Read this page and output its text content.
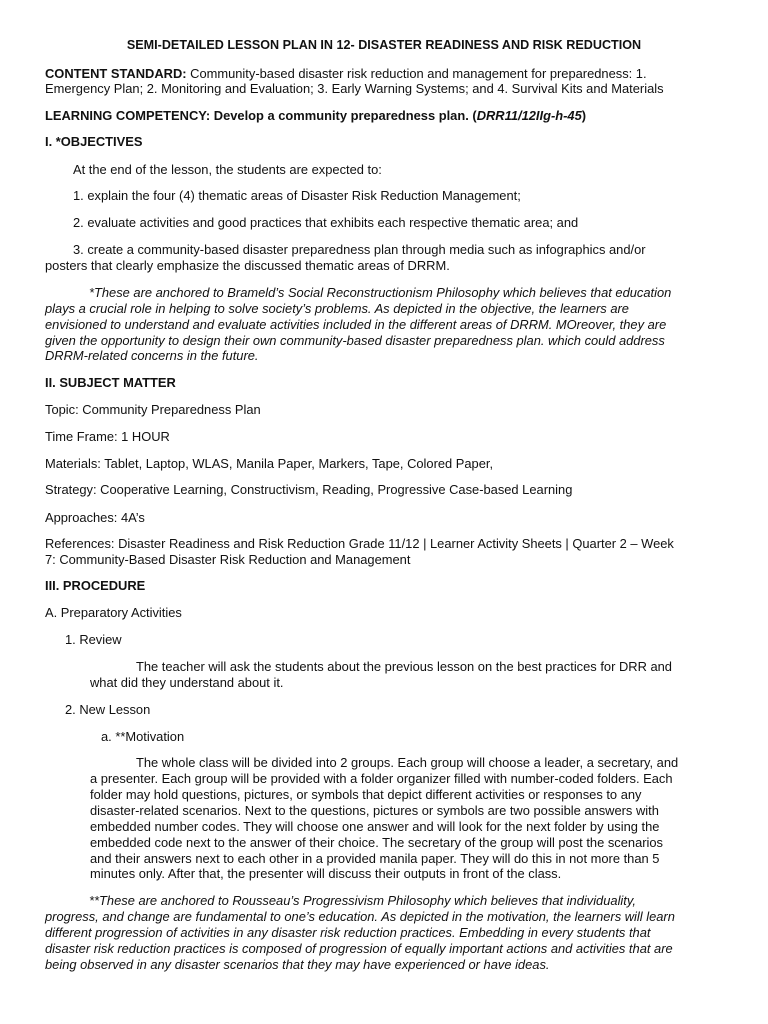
SEMI-DETAILED LESSON PLAN IN 12- DISASTER READINESS AND RISK REDUCTION
CONTENT STANDARD: Community-based disaster risk reduction and management for preparedness: 1.
Emergency Plan; 2. Monitoring and Evaluation; 3. Early Warning Systems; and 4. Survival Kits and Materials
LEARNING COMPETENCY: Develop a community preparedness plan. (DRR11/12IIg-h-45)
I. *OBJECTIVES
At the end of the lesson, the students are expected to:
1. explain the four (4) thematic areas of Disaster Risk Reduction Management;
2. evaluate activities and good practices that exhibits each respective thematic area; and
3. create a community-based disaster preparedness plan through media such as infographics and/or
posters that clearly emphasize the discussed thematic areas of DRRM.
*These are anchored to Brameld’s Social Reconstructionism Philosophy which believes that education
plays a crucial role in helping to solve society’s problems. As depicted in the objective, the learners are
envisioned to understand and evaluate activities included in the different areas of DRRM. MOreover, they are
given the opportunity to design their own community-based disaster preparedness plan. which could address
DRRM-related concerns in the future.
II. SUBJECT MATTER
Topic: Community Preparedness Plan
Time Frame: 1 HOUR
Materials: Tablet, Laptop, WLAS, Manila Paper, Markers, Tape, Colored Paper,
Strategy: Cooperative Learning, Constructivism, Reading, Progressive Case-based Learning
Approaches: 4A’s
References: Disaster Readiness and Risk Reduction Grade 11/12 | Learner Activity Sheets | Quarter 2 – Week
7: Community-Based Disaster Risk Reduction and Management
III. PROCEDURE
A. Preparatory Activities
1. Review
The teacher will ask the students about the previous lesson on the best practices for DRR and
what did they understand about it.
2. New Lesson
a. **Motivation
The whole class will be divided into 2 groups. Each group will choose a leader, a secretary, and
a presenter. Each group will be provided with a folder organizer filled with number-coded folders. Each
folder may hold questions, pictures, or symbols that depict different activities or responses to any
disaster-related scenarios. Next to the questions, pictures or symbols are two possible answers with
embedded number codes. They will choose one answer and will look for the next folder by using the
embedded code next to the answer of their choice. The secretary of the group will post the scenarios
and their answers next to each other in a provided manila paper. They will do this in not more than 5
minutes only. After that, the presenter will discuss their outputs in front of the class.
**These are anchored to Rousseau’s Progressivism Philosophy which believes that individuality,
progress, and change are fundamental to one’s education. As depicted in the motivation, the learners will learn
different progression of activities in any disaster risk reduction practices. Embedding in every students that
disaster risk reduction practices is composed of progression of equally important actions and activities that are
being observed in any disaster scenarios that they may have experienced or have ideas.
